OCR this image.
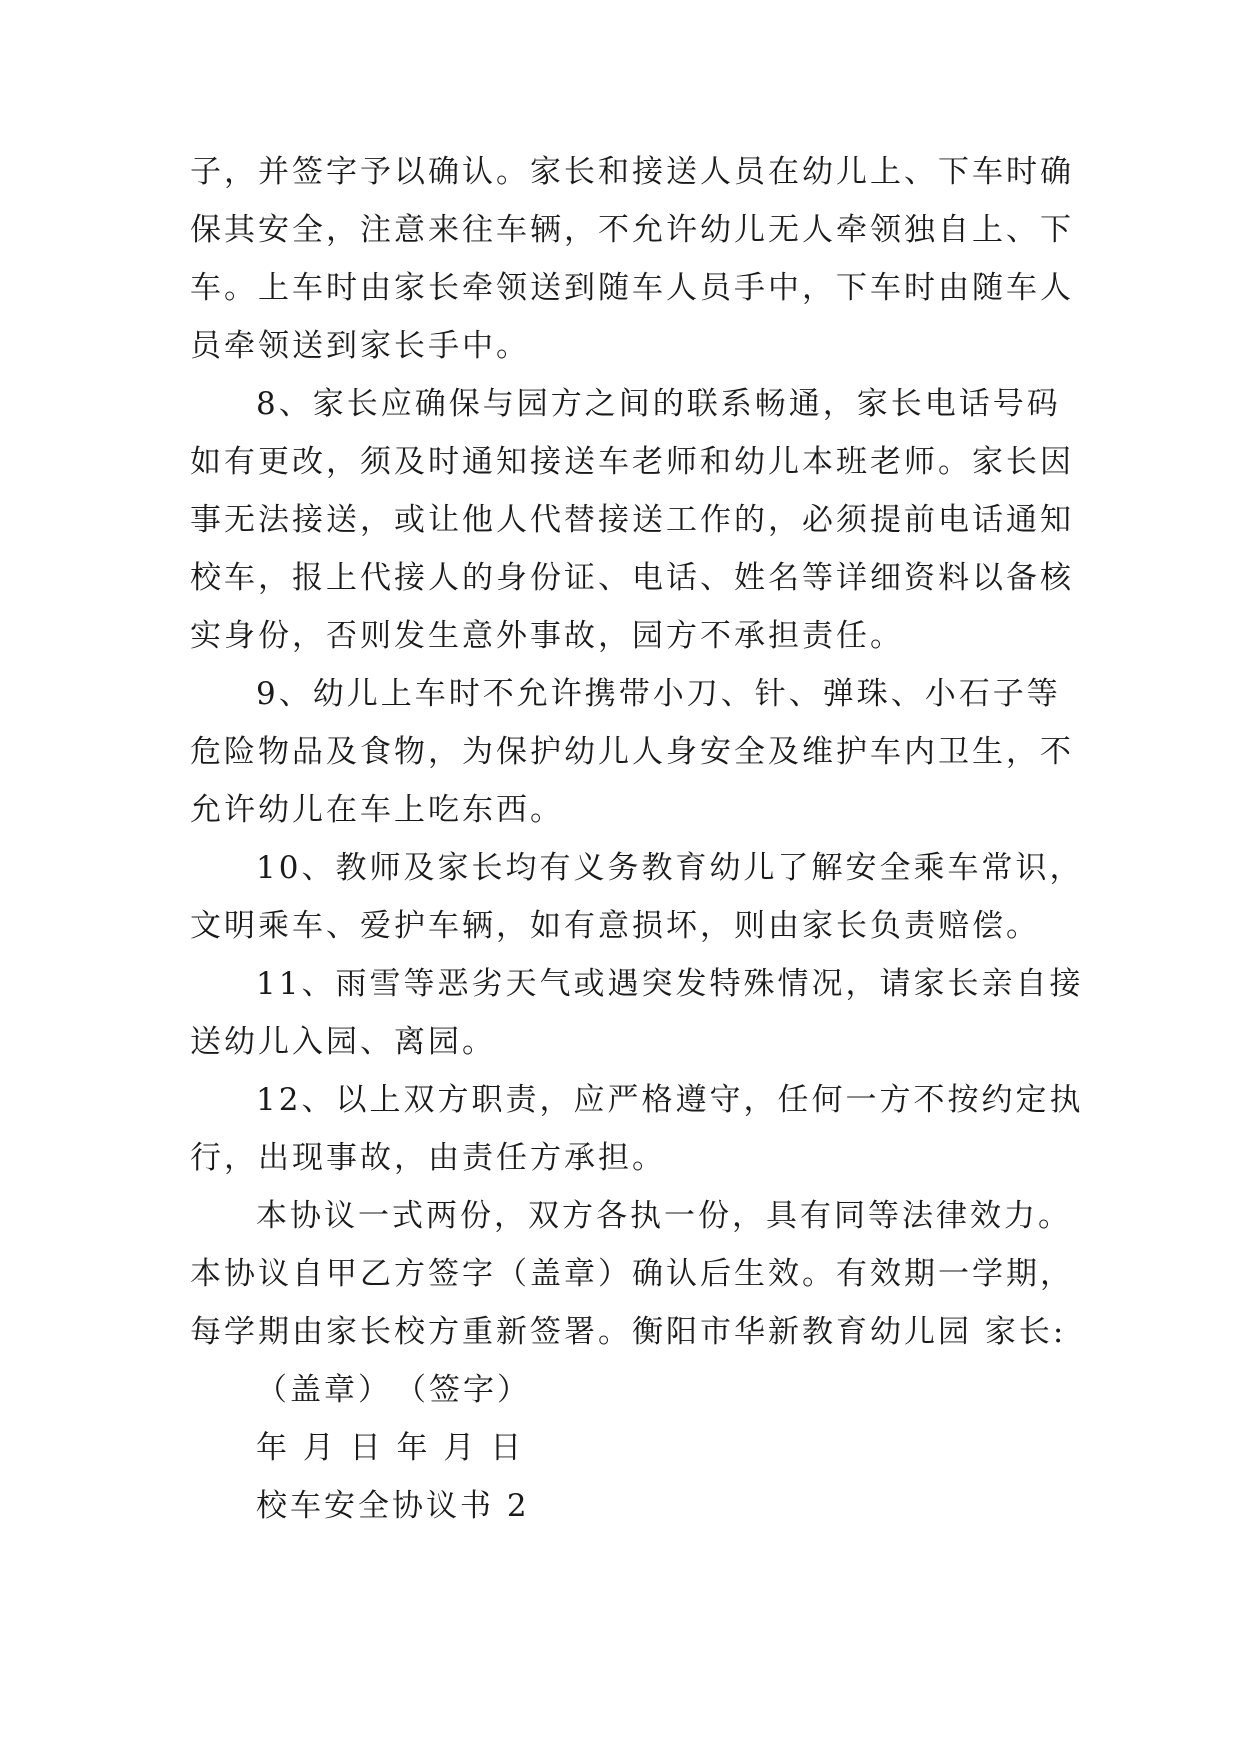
子，并签字予以确认。家长和接送人员在幼儿上、下车时确
保其安全，注意来往车辆，不允许幼儿无人牵领独自上、下
车。上车时由家长牵领送到随车人员手中，下车时由随车人
员牵领送到家长手中。
8、家长应确保与园方之间的联系畅通，家长电话号码
如有更改，须及时通知接送车老师和幼儿本班老师。家长因
事无法接送，或让他人代替接送工作的，必须提前电话通知
校车，报上代接人的身份证、电话、姓名等详细资料以备核
实身份，否则发生意外事故，园方不承担责任。
9、幼儿上车时不允许携带小刀、针、弹珠、小石子等
危险物品及食物，为保护幼儿人身安全及维护车内卫生，不
允许幼儿在车上吃东西。
10、教师及家长均有义务教育幼儿了解安全乘车常识，
文明乘车、爱护车辆，如有意损坏，则由家长负责赔偿。
11、雨雪等恶劣天气或遇突发特殊情况，请家长亲自接
送幼儿入园、离园。
12、以上双方职责，应严格遵守，任何一方不按约定执
行，出现事故，由责任方承担。
本协议一式两份，双方各执一份，具有同等法律效力。
本协议自甲乙方签字（盖章）确认后生效。有效期一学期，
每学期由家长校方重新签署。衡阳市华新教育幼儿园 家长:
（盖章）　（签字）
年 月 日 年 月 日
校车安全协议书 2
